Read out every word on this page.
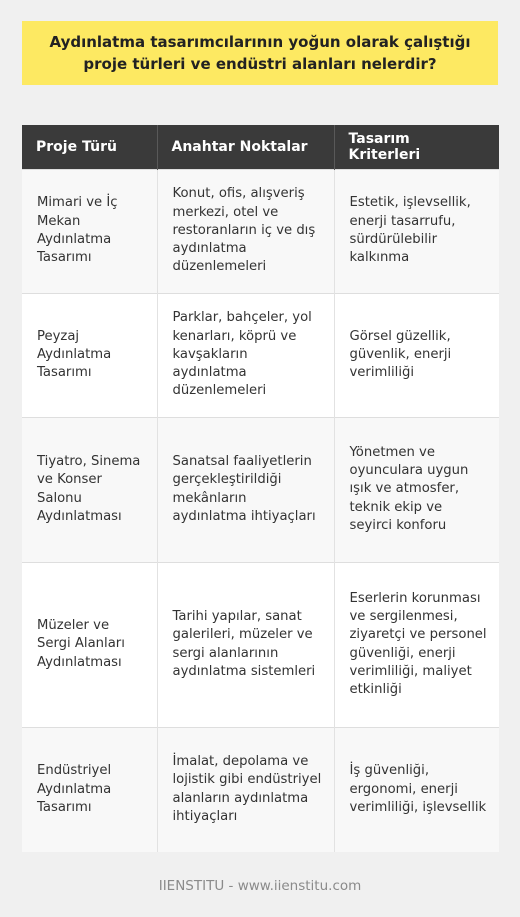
Aydınlatma tasarımcılarının yoğun olarak çalıştığı proje türleri ve endüstri alanları nelerdir?
Proje Türü	Anahtar Noktalar	Tasarım Kriterleri
Mimari ve İç Mekan Aydınlatma Tasarımı	Konut, ofis, alışveriş merkezi, otel ve restoranların iç ve dış aydınlatma düzenlemeleri	Estetik, işlevsellik, enerji tasarrufu, sürdürülebilir kalkınma
Peyzaj Aydınlatma Tasarımı	Parklar, bahçeler, yol kenarları, köprü ve kavşakların aydınlatma düzenlemeleri	Görsel güzellik, güvenlik, enerji verimliliği
Tiyatro, Sinema ve Konser Salonu Aydınlatması	Sanatsal faaliyetlerin gerçekleştirildiği mekânların aydınlatma ihtiyaçları	Yönetmen ve oyunculara uygun ışık ve atmosfer, teknik ekip ve seyirci konforu
Müzeler ve Sergi Alanları Aydınlatması	Tarihi yapılar, sanat galerileri, müzeler ve sergi alanlarının aydınlatma sistemleri	Eserlerin korunması ve sergilenmesi, ziyaretçi ve personel güvenliği, enerji verimliliği, maliyet etkinliği
Endüstriyel Aydınlatma Tasarımı	İmalat, depolama ve lojistik gibi endüstriyel alanların aydınlatma ihtiyaçları	İş güvenliği, ergonomi, enerji verimliliği, işlevsellik
IIENSTITU - www.iienstitu.com
